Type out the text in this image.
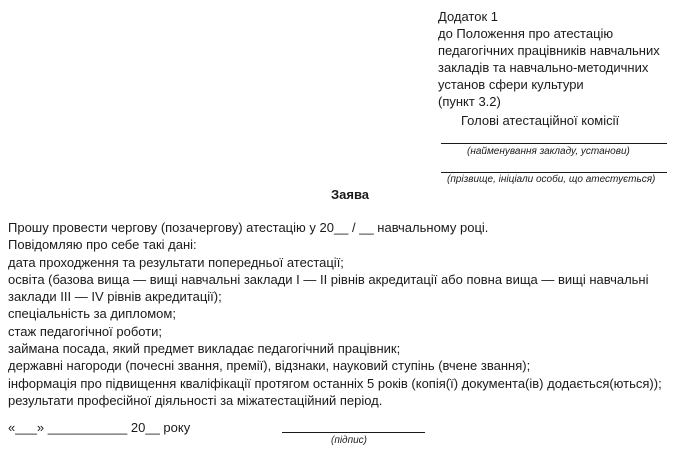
Додаток 1
до Положення про атестацію
педагогічних працівників навчальних
закладів та навчально-методичних
установ сфери культури
(пункт 3.2)
Голові атестаційної комісії
(найменування закладу, установи)
(прізвище, ініціали особи, що атестується)
Заява
Прошу провести чергову (позачергову) атестацію у 20__ / __ навчальному році.
Повідомляю про себе такі дані:
дата проходження та результати попередньої атестації;
освіта (базова вища — вищі навчальні заклади І — ІІ рівнів акредитації або повна вища — вищі навчальні
заклади ІІІ — ІV рівнів акредитації);
спеціальність за дипломом;
стаж педагогічної роботи;
займана посада, який предмет викладає педагогічний працівник;
державні нагороди (почесні звання, премії), відзнаки, науковий ступінь (вчене звання);
інформація про підвищення кваліфікації протягом останніх 5 років (копія(ї) документа(ів) додається(ються));
результати професійної діяльності за міжатестаційний період.
«___» ___________ 20__ року
(підпис)
